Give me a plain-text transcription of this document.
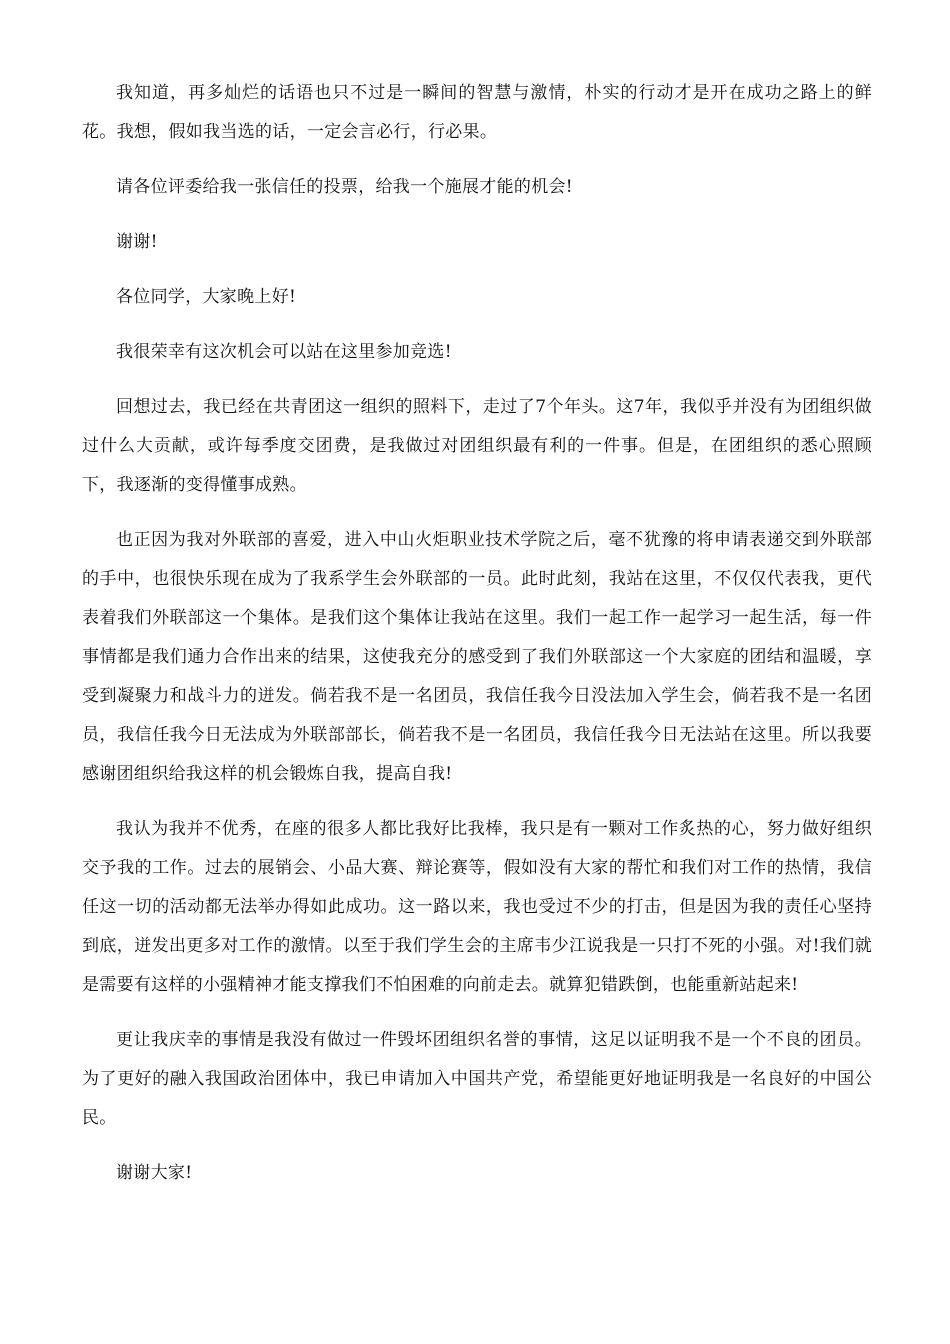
我知道，再多灿烂的话语也只不过是一瞬间的智慧与激情，朴实的行动才是开在成功之路上的鲜花。我想，假如我当选的话，一定会言必行，行必果。

请各位评委给我一张信任的投票，给我一个施展才能的机会!

谢谢!

各位同学，大家晚上好!

我很荣幸有这次机会可以站在这里参加竞选!

回想过去，我已经在共青团这一组织的照料下，走过了7个年头。这7年，我似乎并没有为团组织做过什么大贡献，或许每季度交团费，是我做过对团组织最有利的一件事。但是，在团组织的悉心照顾下，我逐渐的变得懂事成熟。

也正因为我对外联部的喜爱，进入中山火炬职业技术学院之后，毫不犹豫的将申请表递交到外联部的手中，也很快乐现在成为了我系学生会外联部的一员。此时此刻，我站在这里，不仅仅代表我，更代表着我们外联部这一个集体。是我们这个集体让我站在这里。我们一起工作一起学习一起生活，每一件事情都是我们通力合作出来的结果，这使我充分的感受到了我们外联部这一个大家庭的团结和温暖，享受到凝聚力和战斗力的迸发。倘若我不是一名团员，我信任我今日没法加入学生会，倘若我不是一名团员，我信任我今日无法成为外联部部长，倘若我不是一名团员，我信任我今日无法站在这里。所以我要感谢团组织给我这样的机会锻炼自我，提高自我!

我认为我并不优秀，在座的很多人都比我好比我棒，我只是有一颗对工作炙热的心，努力做好组织交予我的工作。过去的展销会、小品大赛、辩论赛等，假如没有大家的帮忙和我们对工作的热情，我信任这一切的活动都无法举办得如此成功。这一路以来，我也受过不少的打击，但是因为我的责任心坚持到底，迸发出更多对工作的激情。以至于我们学生会的主席韦少江说我是一只打不死的小强。对!我们就是需要有这样的小强精神才能支撑我们不怕困难的向前走去。就算犯错跌倒，也能重新站起来!

更让我庆幸的事情是我没有做过一件毁坏团组织名誉的事情，这足以证明我不是一个不良的团员。为了更好的融入我国政治团体中，我已申请加入中国共产党，希望能更好地证明我是一名良好的中国公民。

谢谢大家!
